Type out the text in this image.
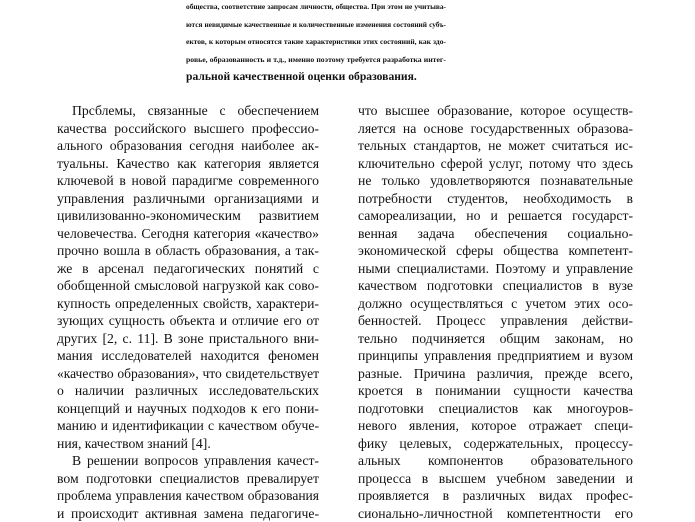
общества, соответствие запросам личности, общества. При этом не учитыва-
ются невидимые качественные и количественные изменения состояний субъ-
ектов, к которым относятся такие характеристики этих состояний, как здо-
ровье, образованность и т.д., именно поэтому требуется разработка интег-
ральной качественной оценки образования.
Прсблемы, связанные с обеспечением
качества российского высшего профессио-
ального образования сегодня наиболее ак-
туальны. Качество как категория является
ключевой в новой парадигме современного
управления различными организациями и
цивилизованно-экономическим развитием
человечества. Сегодня категория «качество»
прочно вошла в область образования, а так-
же в арсенал педагогических понятий с
обобщенной смысловой нагрузкой как сово-
купность определенных свойств, характери-
зующих сущность объекта и отличие его от
других [2, с. 11]. В зоне пристального вни-
мания исследователей находится феномен
«качество образования», что свидетельствует
о наличии различных исследовательских
концепций и научных подходов к его пони-
манию и идентификации с качеством обуче-
ния, качеством знаний [4].
В решении вопросов управления качест-
вом подготовки специалистов превалирует
проблема управления качеством образования
и происходит активная замена педагогиче-
что высшее образование, которое осуществ-
ляется на основе государственных образова-
тельных стандартов, не может считаться ис-
ключительно сферой услуг, потому что здесь
не только удовлетворяются познавательные
потребности студентов, необходимость в
самореализации, но и решается государст-
венная задача обеспечения социально-
экономической сферы общества компетент-
ными специалистами. Поэтому и управление
качеством подготовки специалистов в вузе
должно осуществляться с учетом этих осо-
бенностей. Процесс управления действи-
тельно подчиняется общим законам, но
принципы управления предприятием и вузом
разные. Причина различия, прежде всего,
кроется в понимании сущности качества
подготовки специалистов как многоуров-
невого явления, которое отражает специ-
фику целевых, содержательных, процессу-
альных компонентов образовательного
процесса в высшем учебном заведении и
проявляется в различных видах профес-
сионально-личностной компетентности его
